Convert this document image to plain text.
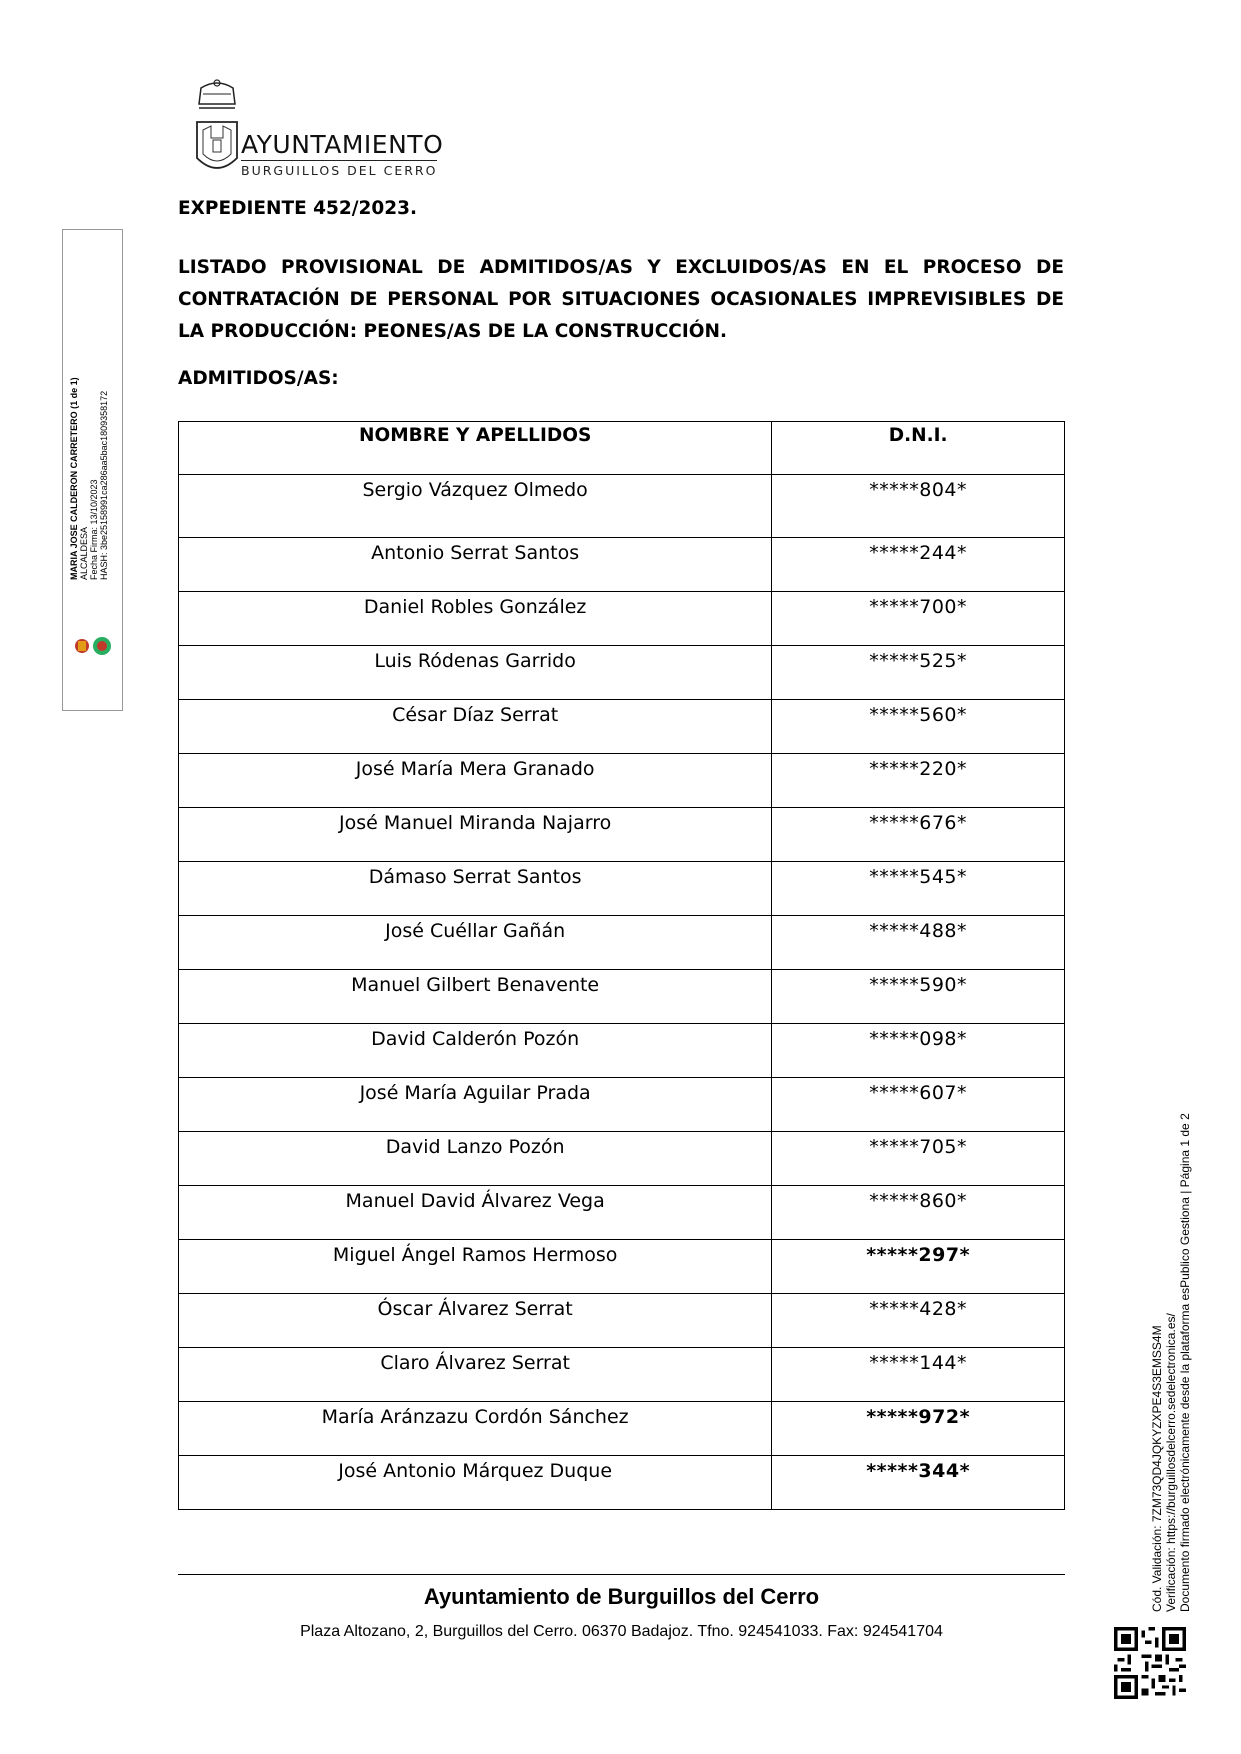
AYUNTAMIENTO
BURGUILLOS DEL CERRO
EXPEDIENTE 452/2023.
LISTADO PROVISIONAL DE ADMITIDOS/AS Y EXCLUIDOS/AS EN EL PROCESO DE CONTRATACIÓN DE PERSONAL POR SITUACIONES OCASIONALES IMPREVISIBLES DE LA PRODUCCIÓN: PEONES/AS DE LA CONSTRUCCIÓN.
ADMITIDOS/AS:
NOMBRE Y APELLIDOS	D.N.I.
Sergio Vázquez Olmedo	*****804*
Antonio Serrat Santos	*****244*
Daniel Robles González	*****700*
Luis Ródenas Garrido	*****525*
César Díaz Serrat	*****560*
José María Mera Granado	*****220*
José Manuel Miranda Najarro	*****676*
Dámaso Serrat Santos	*****545*
José Cuéllar Gañán	*****488*
Manuel Gilbert Benavente	*****590*
David Calderón Pozón	*****098*
José María Aguilar Prada	*****607*
David Lanzo Pozón	*****705*
Manuel David Álvarez Vega	*****860*
Miguel Ángel Ramos Hermoso	*****297*
Óscar Álvarez Serrat	*****428*
Claro Álvarez Serrat	*****144*
María Aránzazu Cordón Sánchez	*****972*
José Antonio Márquez Duque	*****344*
Ayuntamiento de Burguillos del Cerro
Plaza Altozano, 2, Burguillos del Cerro. 06370 Badajoz. Tfno. 924541033. Fax: 924541704
MARIA JOSE CALDERON CARRETERO (1 de 1) ALCALDESA Fecha Firma: 13/10/2023 HASH: 3be25158991ca286aa5bac1809358172
Cód. Validación: 7ZM73QD4JQKYZXPE4S3EMSS4M Verificación: https://burguillosdelcerro.sedelectronica.es/ Documento firmado electrónicamente desde la plataforma esPublico Gestiona | Página 1 de 2
